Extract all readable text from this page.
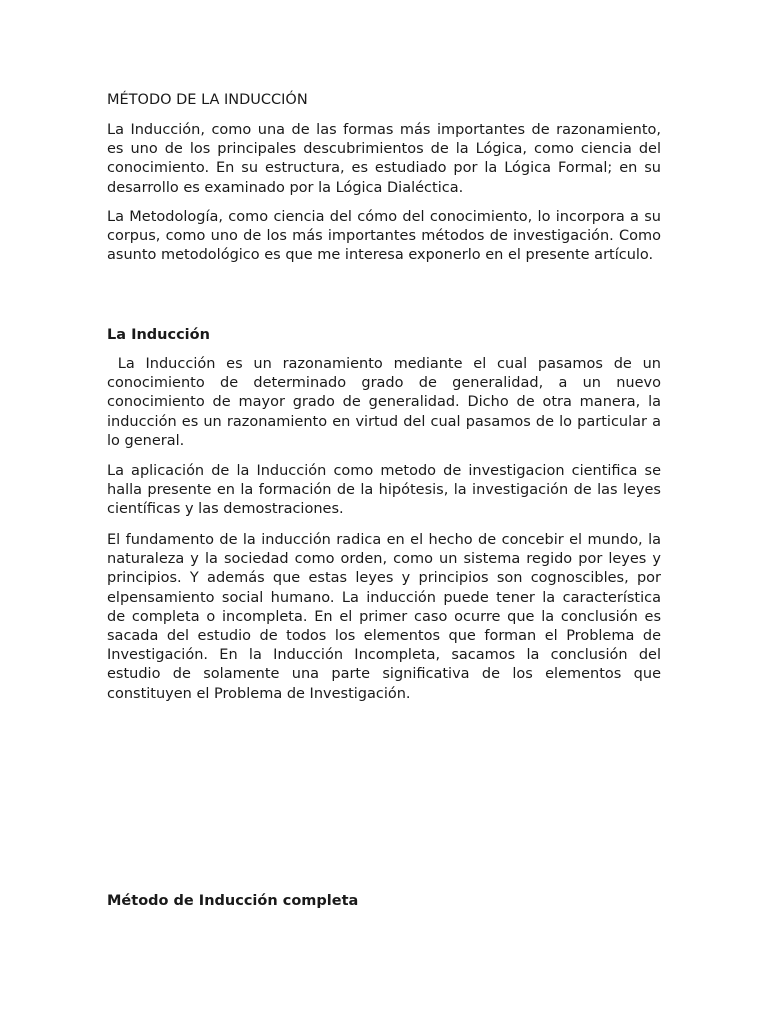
MÉTODO DE LA INDUCCIÓN

La Inducción, como una de las formas más importantes de razonamiento, es uno de los principales descubrimientos de la Lógica, como ciencia del conocimiento. En su estructura, es estudiado por la Lógica Formal; en su desarrollo es examinado por la Lógica Dialéctica.

La Metodología, como ciencia del cómo del conocimiento, lo incorpora a su corpus, como uno de los más importantes métodos de investigación. Como asunto metodológico es que me interesa exponerlo en el presente artículo.

La Inducción

La Inducción es un razonamiento mediante el cual pasamos de un conocimiento de determinado grado de generalidad, a un nuevo conocimiento de mayor grado de generalidad. Dicho de otra manera, la inducción es un razonamiento en virtud del cual pasamos de lo particular a lo general.

La aplicación de la Inducción como metodo de investigacion cientifica se halla presente en la formación de la hipótesis, la investigación de las leyes científicas y las demostraciones.

El fundamento de la inducción radica en el hecho de concebir el mundo, la naturaleza y la sociedad como orden, como un sistema regido por leyes y principios. Y además que estas leyes y principios son cognoscibles, por elpensamiento social humano. La inducción puede tener la característica de completa o incompleta. En el primer caso ocurre que la conclusión es sacada del estudio de todos los elementos que forman el Problema de Investigación. En la Inducción Incompleta, sacamos la conclusión del estudio de solamente una parte significativa de los elementos que constituyen el Problema de Investigación.

Método de Inducción completa
